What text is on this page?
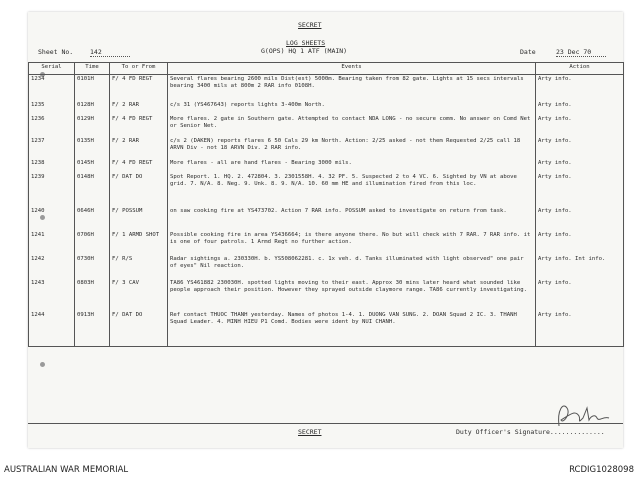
SECRET
LOG SHEETS
G(OPS) HQ 1 ATF (MAIN)
Sheet No.	142	Date	23 Dec 70
Serial	Time	To or From	Events	Action
1234	0101H	F/ 4 FD REGT	Several flares bearing 2600 mils Dist(est) 5000m. Bearing taken from 82 gate. Lights at 15 secs intervals bearing 3400 mils at 800m 2 RAR info 0108H.	Arty info.
1235	0128H	F/ 2 RAR	c/s 31 (YS467643) reports lights 3-400m North.	Arty info.
1236	0129H	F/ 4 FD REGT	More flares. 2 gate in Southern gate. Attempted to contact NDA LONG - no secure comm. No answer on Comd Net or Senior Net.	Arty info.
1237	0135H	F/ 2 RAR	c/s 2 (DAKEN) reports flares 6 50 Cals 29 km North. Action: 2/25 asked - not them Requested 2/25 call 18 ARVN Div - not 18 ARVN Div. 2 RAR info.	Arty info.
1238	0145H	F/ 4 FD REGT	More flares - all are hand flares - Bearing 3000 mils.	Arty info.
1239	0148H	F/ DAT DO	Spot Report. 1. HQ. 2. 472804. 3. 2301558H. 4. 32 PF. 5. Suspected 2 to 4 VC. 6. Sighted by VN at above grid. 7. N/A. 8. Neg. 9. Unk. 8. 9. N/A. 10. 60 mm HE and illumination fired from this loc.	Arty info.
1240	0646H	F/ POSSUM	on saw cooking fire at YS473702. Action 7 RAR info. POSSUM asked to investigate on return from task.	Arty info.
1241	0706H	F/ 1 ARMD SHOT	Possible cooking fire in area YS436664; is there anyone there. No but will check with 7 RAR. 7 RAR info. it is one of four patrols. 1 Armd Regt no further action.	Arty info.
1242	0730H	F/ R/S	Radar sightings a. 230330H. b. YS508062281. c. 1x veh. d. Tanks illuminated with light observed" one pair of eyes" Nil reaction.	Arty info. Int info.
1243	0803H	F/ 3 CAV	TA86 YS461882 230030H. spotted lights moving to their east. Approx 30 mins later heard what sounded like people approach their position. However they sprayed outside claymore range. TA86 currently investigating.	Arty info.
1244	0913H	F/ DAT DO	Ref contact THUOC THANH yesterday. Names of photos 1-4. 1. DUONG VAN SUNG. 2. DOAN Squad 2 IC. 3. THANH Squad Leader. 4. MINH HIEU P1 Comd. Bodies were ident by NUI CHANH.	Arty info.
SECRET	Duty Officer's Signature..............
AUSTRALIAN WAR MEMORIAL	RCDIG1028098
